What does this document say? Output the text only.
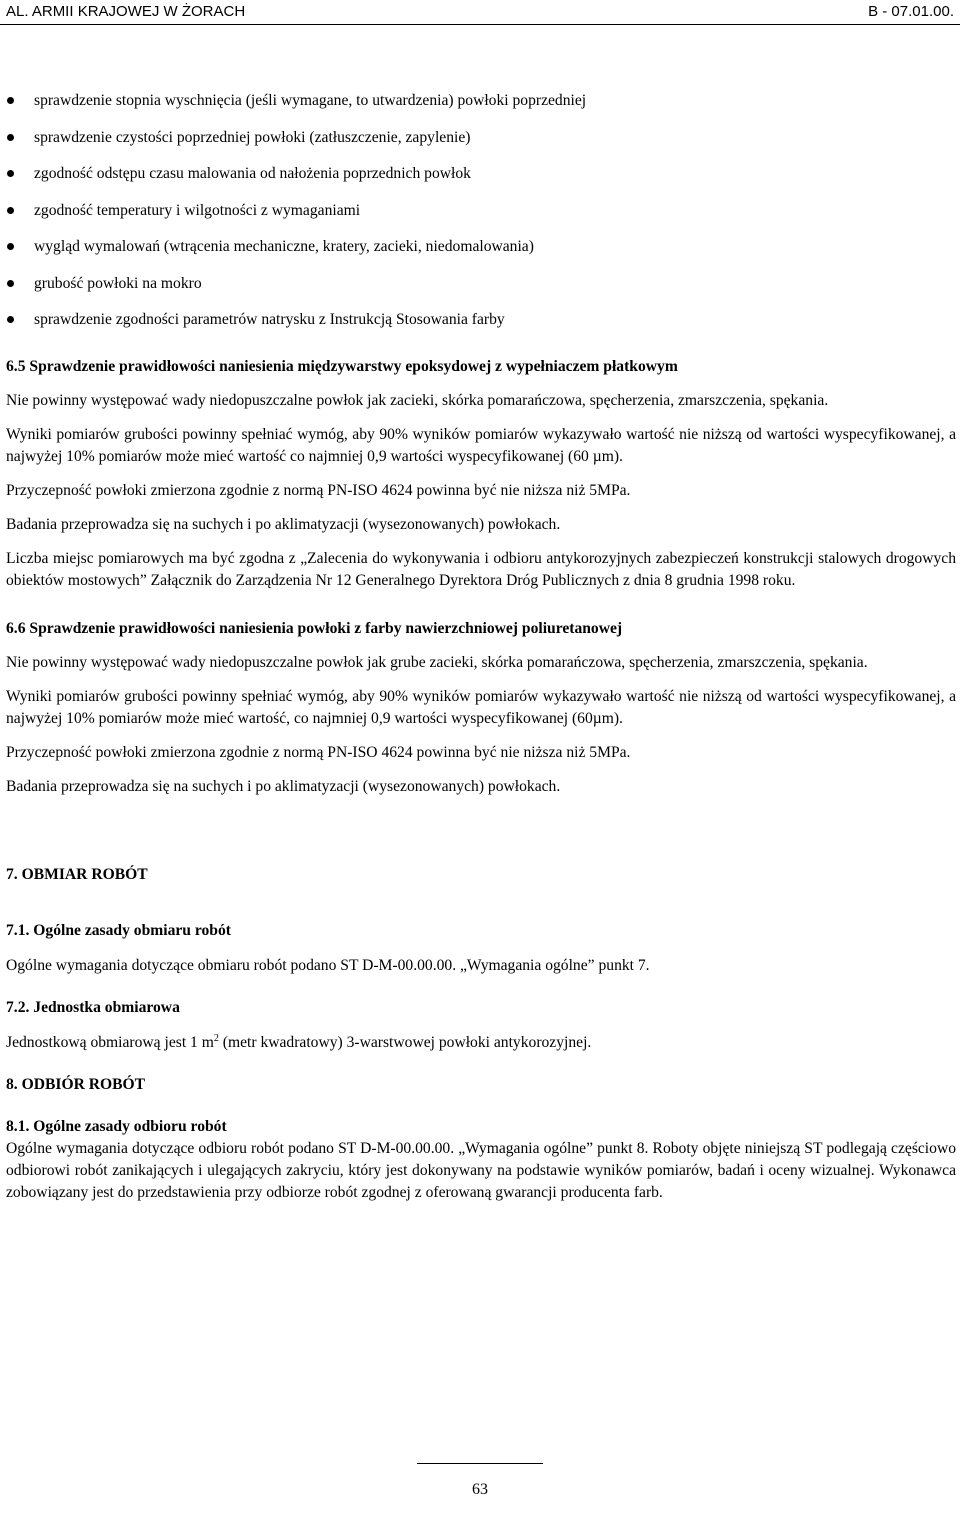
AL. ARMII KRAJOWEJ W ŻORACH	B - 07.01.00.
sprawdzenie stopnia wyschnięcia (jeśli wymagane, to utwardzenia) powłoki poprzedniej
sprawdzenie czystości poprzedniej powłoki (zatłuszczenie, zapylenie)
zgodność odstępu czasu malowania od nałożenia poprzednich powłok
zgodność temperatury i wilgotności z wymaganiami
wygląd wymalowań (wtrącenia mechaniczne, kratery, zacieki, niedomalowania)
grubość powłoki na mokro
sprawdzenie zgodności parametrów natrysku z Instrukcją Stosowania farby

6.5 Sprawdzenie prawidłowości naniesienia międzywarstwy epoksydowej z wypełniaczem płatkowym

Nie powinny występować wady niedopuszczalne powłok jak zacieki, skórka pomarańczowa, spęcherzenia, zmarszczenia, spękania.

Wyniki pomiarów grubości powinny spełniać wymóg, aby 90% wyników pomiarów wykazywało wartość nie niższą od wartości wyspecyfikowanej, a najwyżej 10% pomiarów może mieć wartość co najmniej 0,9 wartości wyspecyfikowanej (60 µm).

Przyczepność powłoki zmierzona zgodnie z normą PN-ISO 4624 powinna być nie niższa niż 5MPa.

Badania przeprowadza się na suchych i po aklimatyzacji (wysezonowanych) powłokach.

Liczba miejsc pomiarowych ma być zgodna z „Zalecenia do wykonywania i odbioru antykorozyjnych zabezpieczeń konstrukcji stalowych drogowych obiektów mostowych” Załącznik do Zarządzenia Nr 12 Generalnego Dyrektora Dróg Publicznych z dnia 8 grudnia 1998 roku.

6.6 Sprawdzenie prawidłowości naniesienia powłoki z farby nawierzchniowej poliuretanowej

Nie powinny występować wady niedopuszczalne powłok jak grube zacieki, skórka pomarańczowa, spęcherzenia, zmarszczenia, spękania.

Wyniki pomiarów grubości powinny spełniać wymóg, aby 90% wyników pomiarów wykazywało wartość nie niższą od wartości wyspecyfikowanej, a najwyżej 10% pomiarów może mieć wartość, co najmniej 0,9 wartości wyspecyfikowanej (60µm).

Przyczepność powłoki zmierzona zgodnie z normą PN-ISO 4624 powinna być nie niższa niż 5MPa.

Badania przeprowadza się na suchych i po aklimatyzacji (wysezonowanych) powłokach.

7. OBMIAR ROBÓT

7.1. Ogólne zasady obmiaru robót

Ogólne wymagania dotyczące obmiaru robót podano ST D-M-00.00.00. „Wymagania ogólne” punkt 7.

7.2. Jednostka obmiarowa

Jednostkową obmiarową jest 1 $m^2$ (metr kwadratowy) 3-warstwowej powłoki antykorozyjnej.

8. ODBIÓR ROBÓT

8.1. Ogólne zasady odbioru robót

Ogólne wymagania dotyczące odbioru robót podano ST D-M-00.00.00. „Wymagania ogólne” punkt 8. Roboty objęte niniejszą ST podlegają częściowo odbiorowi robót zanikających i ulegających zakryciu, który jest dokonywany na podstawie wyników pomiarów, badań i oceny wizualnej. Wykonawca zobowiązany jest do przedstawienia przy odbiorze robót zgodnej z oferowaną gwarancji producenta farb.

63
